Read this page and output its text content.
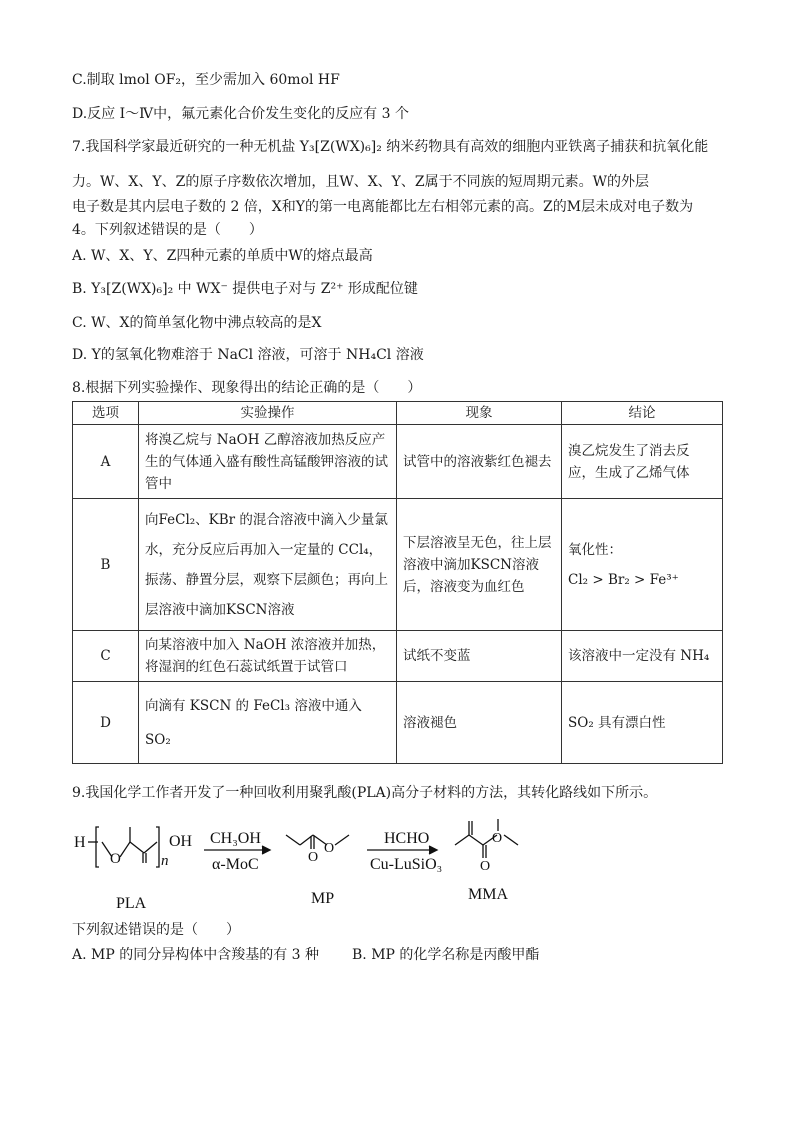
C.制取 lmol OF₂，至少需加入 60mol HF
D.反应 Ⅰ～Ⅳ中，氟元素化合价发生变化的反应有 3 个
7.我国科学家最近研究的一种无机盐 Y₃[Z(WX)₆]₂ 纳米药物具有高效的细胞内亚铁离子捕获和抗氧化能
力。W、X、Y、Z的原子序数依次增加，且W、X、Y、Z属于不同族的短周期元素。W的外层
电子数是其内层电子数的 2 倍，X和Y的第一电离能都比左右相邻元素的高。Z的M层未成对电子数为
4。下列叙述错误的是（　　）
A. W、X、Y、Z四种元素的单质中W的熔点最高
B. Y₃[Z(WX)₆]₂ 中 WX⁻ 提供电子对与 Z²⁺ 形成配位键
C. W、X的简单氢化物中沸点较高的是X
D. Y的氢氧化物难溶于 NaCl 溶液，可溶于 NH₄Cl 溶液
8.根据下列实验操作、现象得出的结论正确的是（　　）
选项	实验操作	现象	结论
A	将溴乙烷与 NaOH 乙醇溶液加热反应产生的气体通入盛有酸性高锰酸钾溶液的试管中	试管中的溶液紫红色褪去	溴乙烷发生了消去反应，生成了乙烯气体
B	向FeCl₂、KBr 的混合溶液中滴入少量氯水，充分反应后再加入一定量的 CCl₄，振荡、静置分层，观察下层颜色；再向上层溶液中滴加KSCN溶液	下层溶液呈无色，往上层溶液中滴加KSCN溶液后，溶液变为血红色	氧化性：
Cl₂ > Br₂ > Fe³⁺

C	向某溶液中加入 NaOH 浓溶液并加热，将湿润的红色石蕊试纸置于试管口	试纸不变蓝	该溶液中一定没有 NH₄
D	向滴有 KSCN 的 FeCl₃ 溶液中通入 SO₂	溶液褪色	SO₂ 具有漂白性
9.我国化学工作者开发了一种回收利用聚乳酸(PLA)高分子材料的方法，其转化路线如下所示。
H
O
OH
n
PLA
CH₃OH
α-MoC
O
O
MP
HCHO
Cu-LuSiO₃
O
O
MMA
下列叙述错误的是（　　）
A. MP 的同分异构体中含羧基的有 3 种 B. MP 的化学名称是丙酸甲酯
